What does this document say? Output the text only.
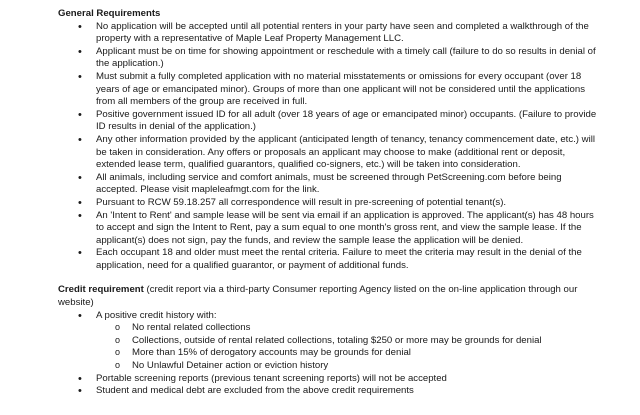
General Requirements

• No application will be accepted until all potential renters in your party have seen and completed a walkthrough of the property with a representative of Maple Leaf Property Management LLC.
• Applicant must be on time for showing appointment or reschedule with a timely call (failure to do so results in denial of the application.)
• Must submit a fully completed application with no material misstatements or omissions for every occupant (over 18 years of age or emancipated minor). Groups of more than one applicant will not be considered until the applications from all members of the group are received in full.
• Positive government issued ID for all adult (over 18 years of age or emancipated minor) occupants. (Failure to provide ID results in denial of the application.)
• Any other information provided by the applicant (anticipated length of tenancy, tenancy commencement date, etc.) will be taken in consideration. Any offers or proposals an applicant may choose to make (additional rent or deposit, extended lease term, qualified guarantors, qualified co-signers, etc.) will be taken into consideration.
• All animals, including service and comfort animals, must be screened through PetScreening.com before being accepted. Please visit mapleleafmgt.com for the link.
• Pursuant to RCW 59.18.257 all correspondence will result in pre-screening of potential tenant(s).
• An 'Intent to Rent' and sample lease will be sent via email if an application is approved. The applicant(s) has 48 hours to accept and sign the Intent to Rent, pay a sum equal to one month's gross rent, and view the sample lease. If the applicant(s) does not sign, pay the funds, and review the sample lease the application will be denied.
• Each occupant 18 and older must meet the rental criteria. Failure to meet the criteria may result in the denial of the application, need for a qualified guarantor, or payment of additional funds.

Credit requirement (credit report via a third-party Consumer reporting Agency listed on the on-line application through our website)

• A positive credit history with:
o No rental related collections
o Collections, outside of rental related collections, totaling $250 or more may be grounds for denial
o More than 15% of derogatory accounts may be grounds for denial
o No Unlawful Detainer action or eviction history
• Portable screening reports (previous tenant screening reports) will not be accepted
• Student and medical debt are excluded from the above credit requirements
